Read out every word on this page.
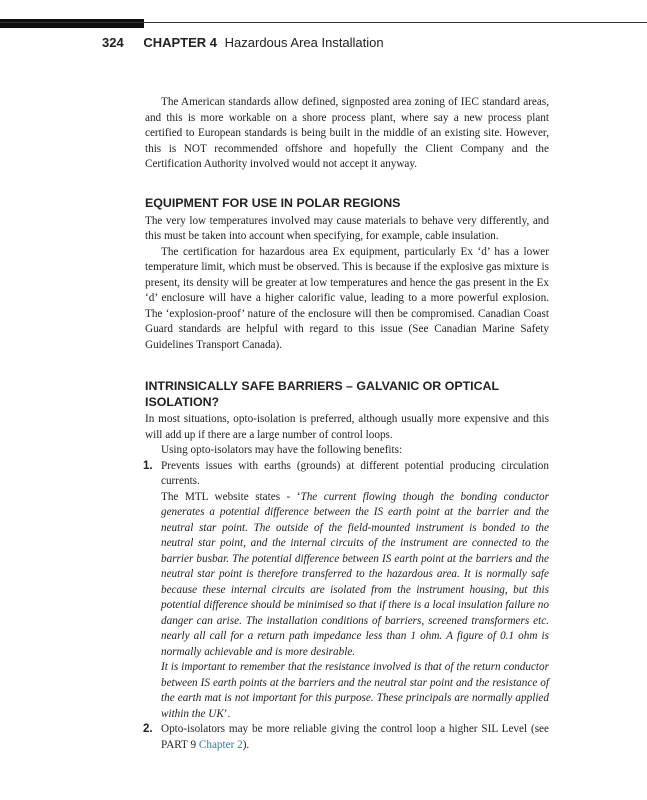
324 CHAPTER 4 Hazardous Area Installation

The American standards allow defined, signposted area zoning of IEC standard areas, and this is more workable on a shore process plant, where say a new process plant certified to European standards is being built in the middle of an existing site. However, this is NOT recommended offshore and hopefully the Client Company and the Certification Authority involved would not accept it anyway.

EQUIPMENT FOR USE IN POLAR REGIONS

The very low temperatures involved may cause materials to behave very differently, and this must be taken into account when specifying, for example, cable insulation.

The certification for hazardous area Ex equipment, particularly Ex ‘d’ has a lower temperature limit, which must be observed. This is because if the explosive gas mixture is present, its density will be greater at low temperatures and hence the gas present in the Ex ‘d’ enclosure will have a higher calorific value, leading to a more powerful explosion. The ‘explosion-proof’ nature of the enclosure will then be compromised. Canadian Coast Guard standards are helpful with regard to this issue (See Canadian Marine Safety Guidelines Transport Canada).

INTRINSICALLY SAFE BARRIERS – GALVANIC OR OPTICAL ISOLATION?

In most situations, opto-isolation is preferred, although usually more expensive and this will add up if there are a large number of control loops.

Using opto-isolators may have the following benefits:

1. Prevents issues with earths (grounds) at different potential producing circulation currents.

The MTL website states - ‘The current flowing though the bonding conductor generates a potential difference between the IS earth point at the barrier and the neutral star point. The outside of the field-mounted instrument is bonded to the neutral star point, and the internal circuits of the instrument are connected to the barrier busbar. The potential difference between IS earth point at the barriers and the neutral star point is therefore transferred to the hazardous area. It is normally safe because these internal circuits are isolated from the instrument housing, but this potential difference should be minimised so that if there is a local insulation failure no danger can arise. The installation conditions of barriers, screened transformers etc. nearly all call for a return path impedance less than 1 ohm. A figure of 0.1 ohm is normally achievable and is more desirable.

It is important to remember that the resistance involved is that of the return conductor between IS earth points at the barriers and the neutral star point and the resistance of the earth mat is not important for this purpose. These principals are normally applied within the UK’.

2. Opto-isolators may be more reliable giving the control loop a higher SIL Level (see PART 9 Chapter 2).
